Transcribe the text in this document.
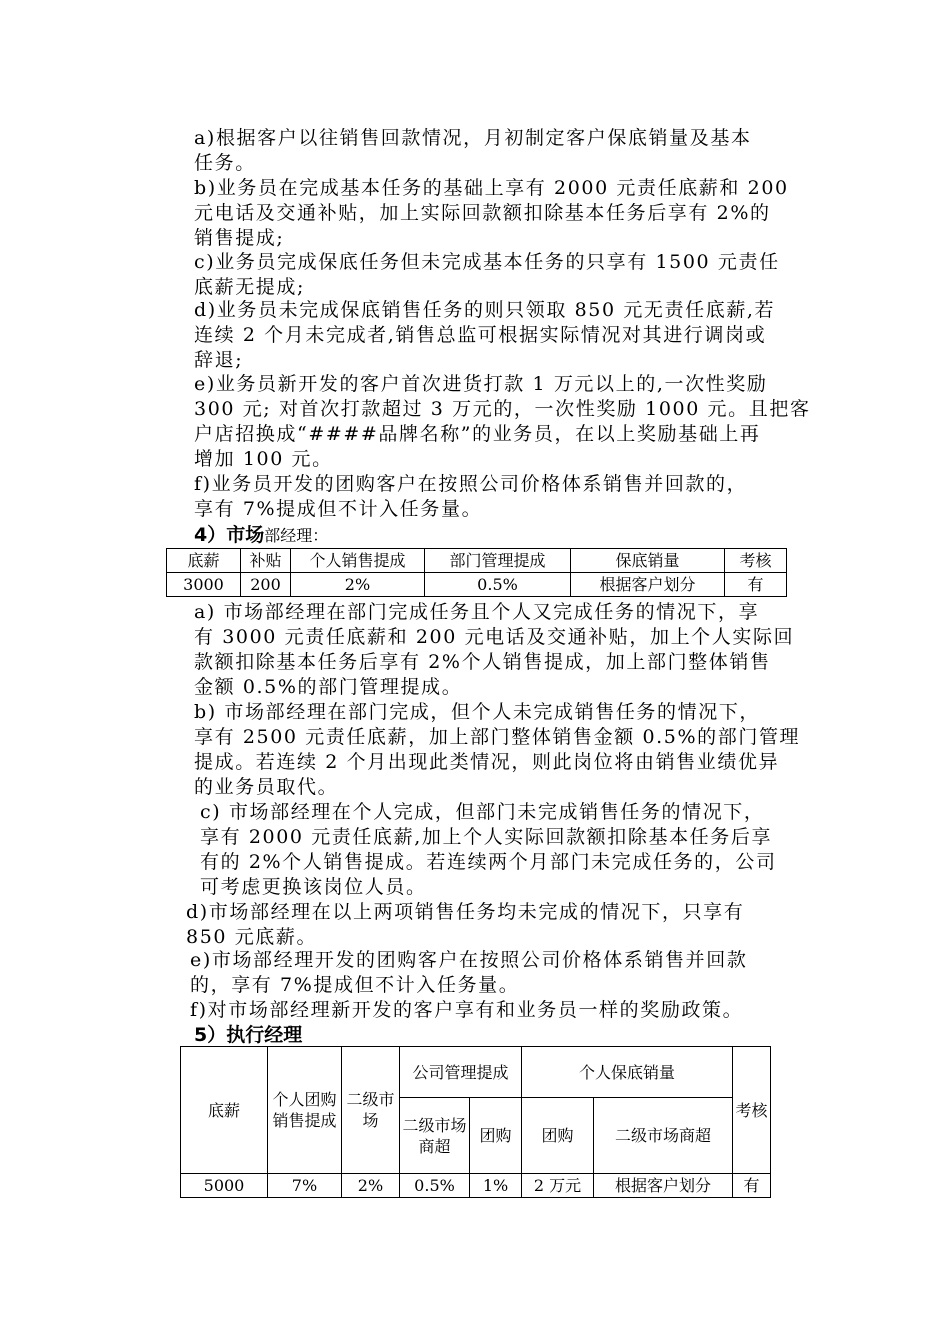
a)根据客户以往销售回款情况，月初制定客户保底销量及基本
任务。
b)业务员在完成基本任务的基础上享有 2000 元责任底薪和 200
元电话及交通补贴，加上实际回款额扣除基本任务后享有 2%的
销售提成;
c)业务员完成保底任务但未完成基本任务的只享有 1500 元责任
底薪无提成;
d)业务员未完成保底销售任务的则只领取 850 元无责任底薪,若
连续 2 个月未完成者,销售总监可根据实际情况对其进行调岗或
辞退;
e)业务员新开发的客户首次进货打款 1 万元以上的,一次性奖励
300 元; 对首次打款超过 3 万元的，一次性奖励 1000 元。且把客
户店招换成“####品牌名称”的业务员，在以上奖励基础上再
增加 100 元。
f)业务员开发的团购客户在按照公司价格体系销售并回款的，
享有 7%提成但不计入任务量。
4）市场部经理：
底薪	补贴	个人销售提成	部门管理提成	保底销量	考核
3000	200	2%	0.5%	根据客户划分	有
a) 市场部经理在部门完成任务且个人又完成任务的情况下，享
有 3000 元责任底薪和 200 元电话及交通补贴，加上个人实际回
款额扣除基本任务后享有 2%个人销售提成，加上部门整体销售
金额 0.5%的部门管理提成。
b) 市场部经理在部门完成，但个人未完成销售任务的情况下，
享有 2500 元责任底薪，加上部门整体销售金额 0.5%的部门管理
提成。若连续 2 个月出现此类情况，则此岗位将由销售业绩优异
的业务员取代。
c) 市场部经理在个人完成，但部门未完成销售任务的情况下，
享有 2000 元责任底薪,加上个人实际回款额扣除基本任务后享
有的 2%个人销售提成。若连续两个月部门未完成任务的，公司
可考虑更换该岗位人员。
d)市场部经理在以上两项销售任务均未完成的情况下，只享有
850 元底薪。
e)市场部经理开发的团购客户在按照公司价格体系销售并回款
的，享有 7%提成但不计入任务量。
f)对市场部经理新开发的客户享有和业务员一样的奖励政策。
5）执行经理
底薪	个人团购销售提成	二级市场	公司管理提成		个人保底销量		考核
			二级市场商超	团购	团购	二级市场商超	
5000	7%	2%	0.5%	1%	2 万元	根据客户划分	有
